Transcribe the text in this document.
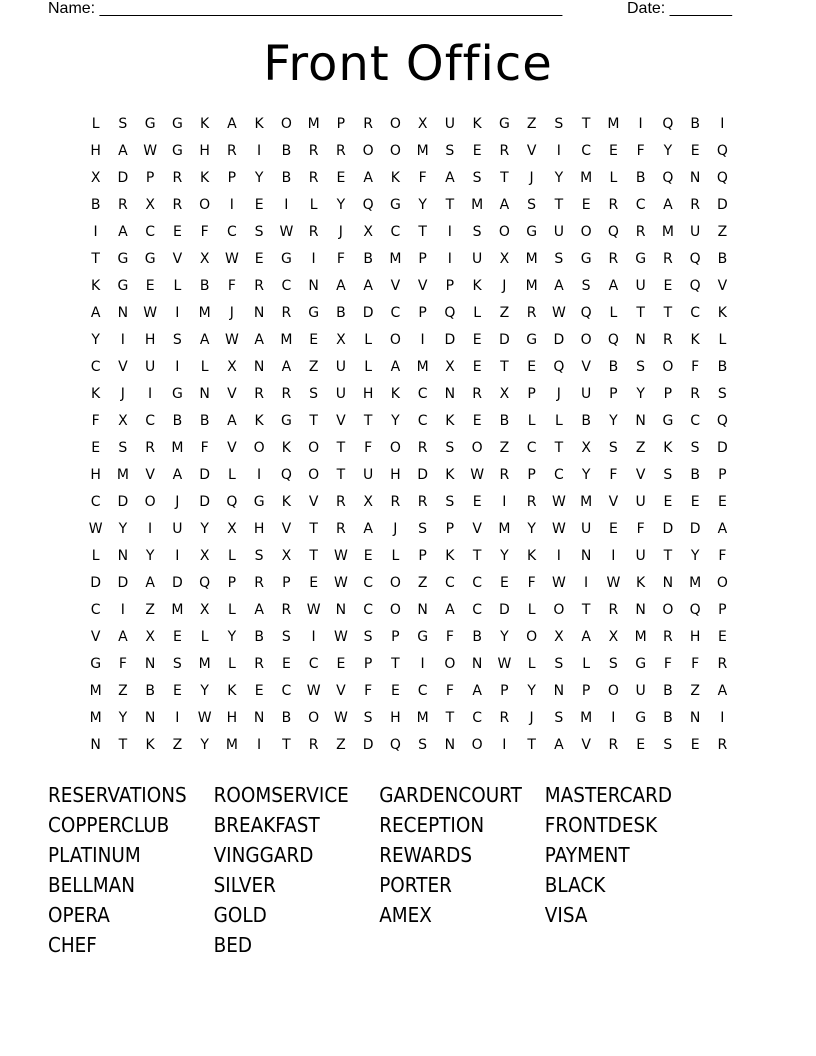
Name: ____________________________________________________	Date: _______
Front Office
L	S	G	G	K	A	K	O	M	P	R	O	X	U	K	G	Z	S	T	M	I	Q	B	I
H	A	W	G	H	R	I	B	R	R	O	O	M	S	E	R	V	I	C	E	F	Y	E	Q
X	D	P	R	K	P	Y	B	R	E	A	K	F	A	S	T	J	Y	M	L	B	Q	N	Q
B	R	X	R	O	I	E	I	L	Y	Q	G	Y	T	M	A	S	T	E	R	C	A	R	D
I	A	C	E	F	C	S	W	R	J	X	C	T	I	S	O	G	U	O	Q	R	M	U	Z
T	G	G	V	X	W	E	G	I	F	B	M	P	I	U	X	M	S	G	R	G	R	Q	B
K	G	E	L	B	F	R	C	N	A	A	V	V	P	K	J	M	A	S	A	U	E	Q	V
A	N	W	I	M	J	N	R	G	B	D	C	P	Q	L	Z	R	W	Q	L	T	T	C	K
Y	I	H	S	A	W	A	M	E	X	L	O	I	D	E	D	G	D	O	Q	N	R	K	L
C	V	U	I	L	X	N	A	Z	U	L	A	M	X	E	T	E	Q	V	B	S	O	F	B
K	J	I	G	N	V	R	R	S	U	H	K	C	N	R	X	P	J	U	P	Y	P	R	S
F	X	C	B	B	A	K	G	T	V	T	Y	C	K	E	B	L	L	B	Y	N	G	C	Q
E	S	R	M	F	V	O	K	O	T	F	O	R	S	O	Z	C	T	X	S	Z	K	S	D
H	M	V	A	D	L	I	Q	O	T	U	H	D	K	W	R	P	C	Y	F	V	S	B	P
C	D	O	J	D	Q	G	K	V	R	X	R	R	S	E	I	R	W	M	V	U	E	E	E
W	Y	I	U	Y	X	H	V	T	R	A	J	S	P	V	M	Y	W	U	E	F	D	D	A
L	N	Y	I	X	L	S	X	T	W	E	L	P	K	T	Y	K	I	N	I	U	T	Y	F
D	D	A	D	Q	P	R	P	E	W	C	O	Z	C	C	E	F	W	I	W	K	N	M	O
C	I	Z	M	X	L	A	R	W	N	C	O	N	A	C	D	L	O	T	R	N	O	Q	P
V	A	X	E	L	Y	B	S	I	W	S	P	G	F	B	Y	O	X	A	X	M	R	H	E
G	F	N	S	M	L	R	E	C	E	P	T	I	O	N	W	L	S	L	S	G	F	F	R
M	Z	B	E	Y	K	E	C	W	V	F	E	C	F	A	P	Y	N	P	O	U	B	Z	A
M	Y	N	I	W	H	N	B	O	W	S	H	M	T	C	R	J	S	M	I	G	B	N	I
N	T	K	Z	Y	M	I	T	R	Z	D	Q	S	N	O	I	T	A	V	R	E	S	E	R
RESERVATIONS	ROOMSERVICE	GARDENCOURT	MASTERCARD
COPPERCLUB	BREAKFAST	RECEPTION	FRONTDESK
PLATINUM	VINGGARD	REWARDS	PAYMENT
BELLMAN	SILVER	PORTER	BLACK
OPERA	GOLD	AMEX	VISA
CHEF	BED
